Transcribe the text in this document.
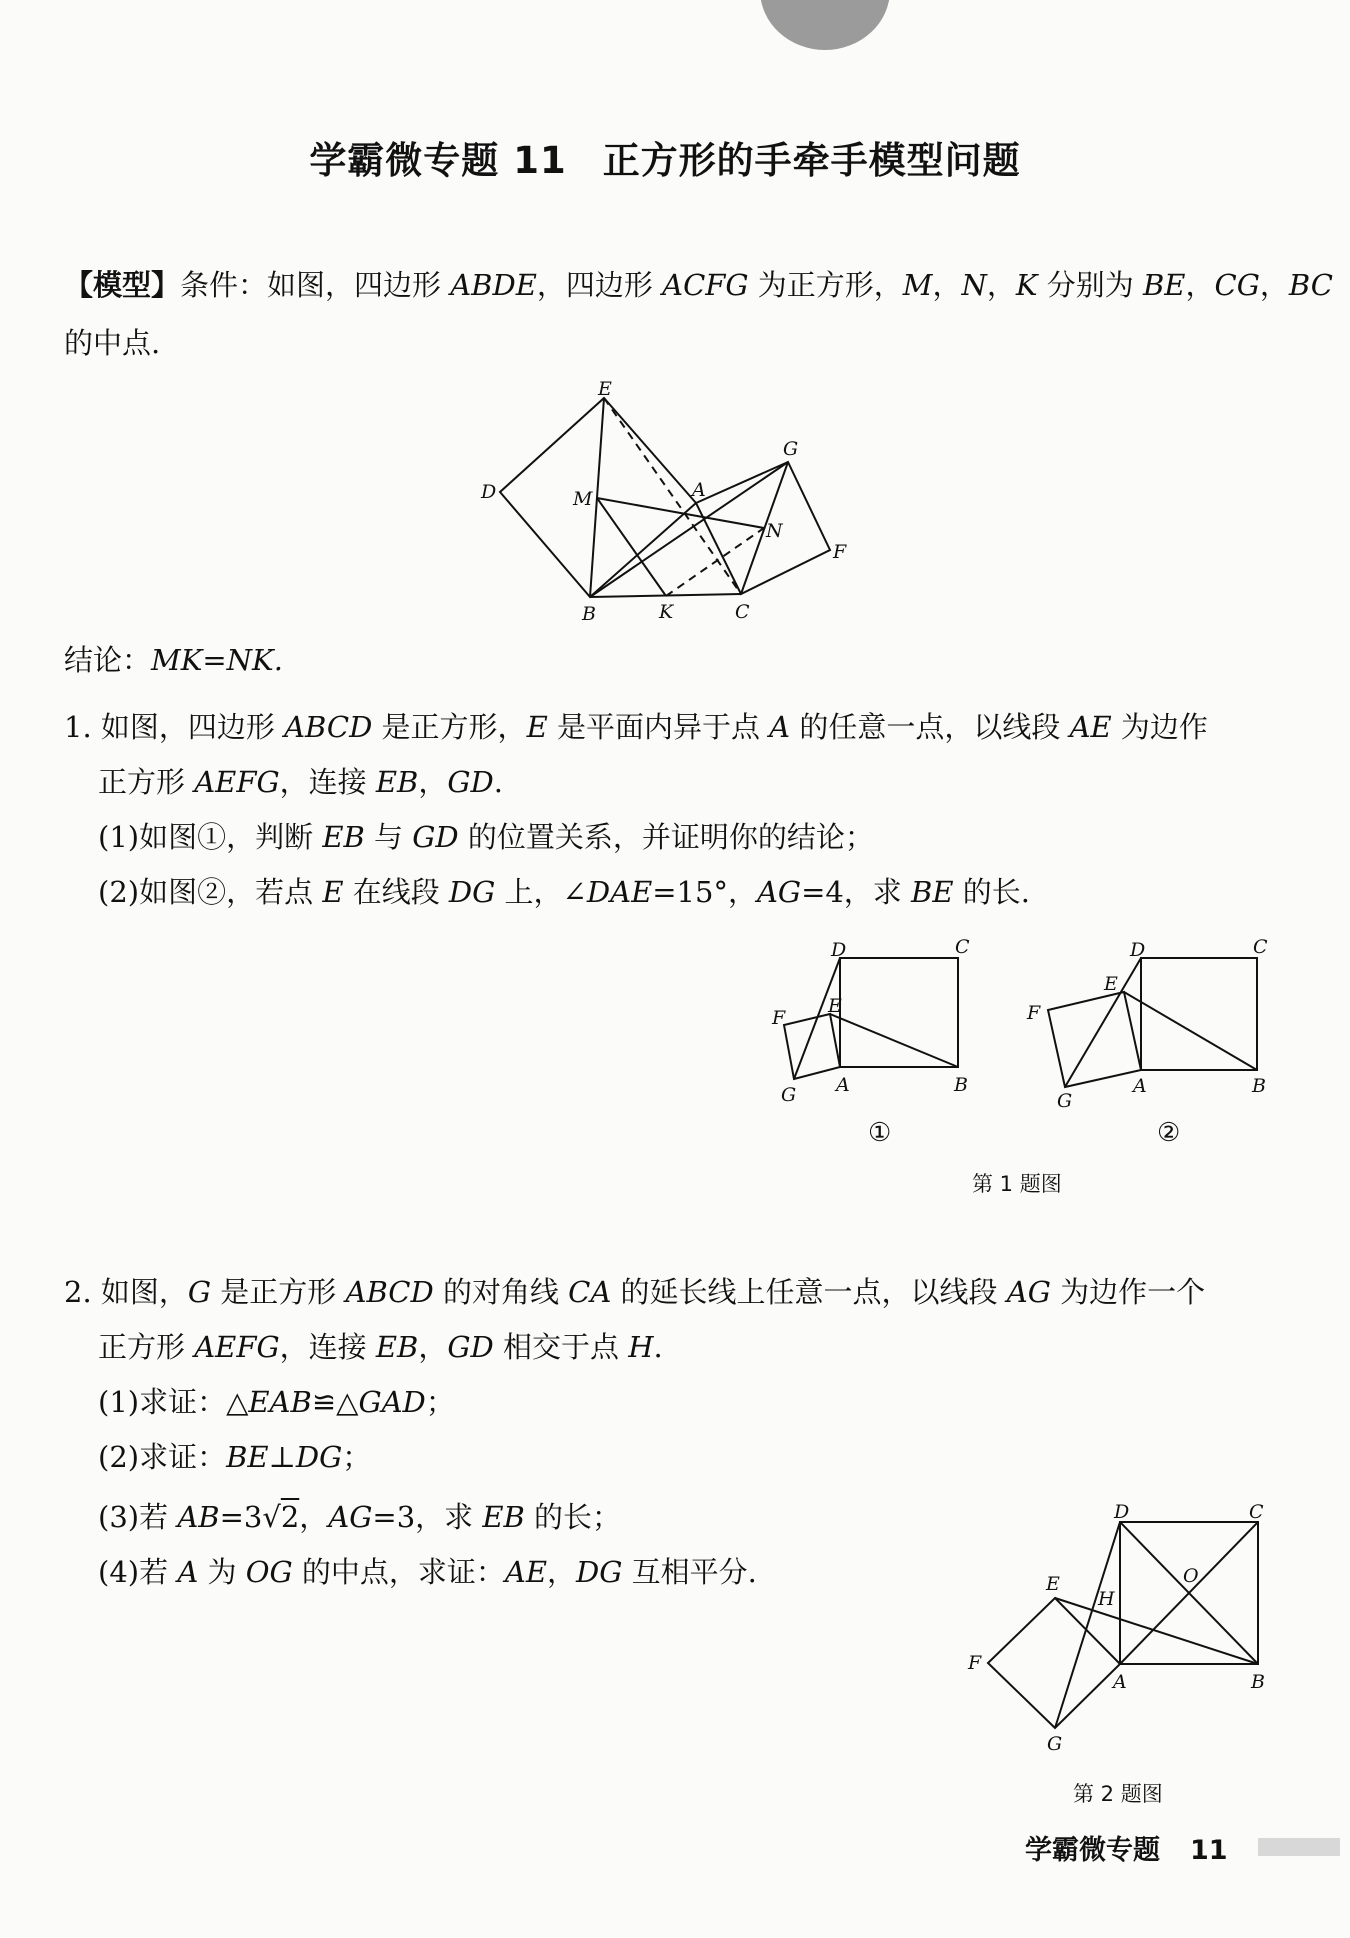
学霸微专题 11 正方形的手牵手模型问题
【模型】条件：如图，四边形 ABDE，四边形 ACFG 为正方形，M，N，K 分别为 BE，CG，BC
的中点.
E
D	M	A
G
N
F
B	K	C
结论：MK=NK.
1. 如图，四边形 ABCD 是正方形，E 是平面内异于点 A 的任意一点，以线段 AE 为边作
正方形 AEFG，连接 EB，GD.
(1)如图①，判断 EB 与 GD 的位置关系，并证明你的结论；
(2)如图②，若点 E 在线段 DG 上，∠DAE=15°，AG=4，求 BE 的长.
D	C
E
F
A	B
G
①
D	C
E
F
A	B
G
②
第 1 题图
2. 如图，G 是正方形 ABCD 的对角线 CA 的延长线上任意一点，以线段 AG 为边作一个
正方形 AEFG，连接 EB，GD 相交于点 H.
(1)求证：△EAB≌△GAD；
(2)求证：BE⊥DG；
(3)若 AB=3√2，AG=3，求 EB 的长；
(4)若 A 为 OG 的中点，求证：AE，DG 互相平分.
D	C
O
E
H
F
A	B
G
第 2 题图
学霸微专题 11
